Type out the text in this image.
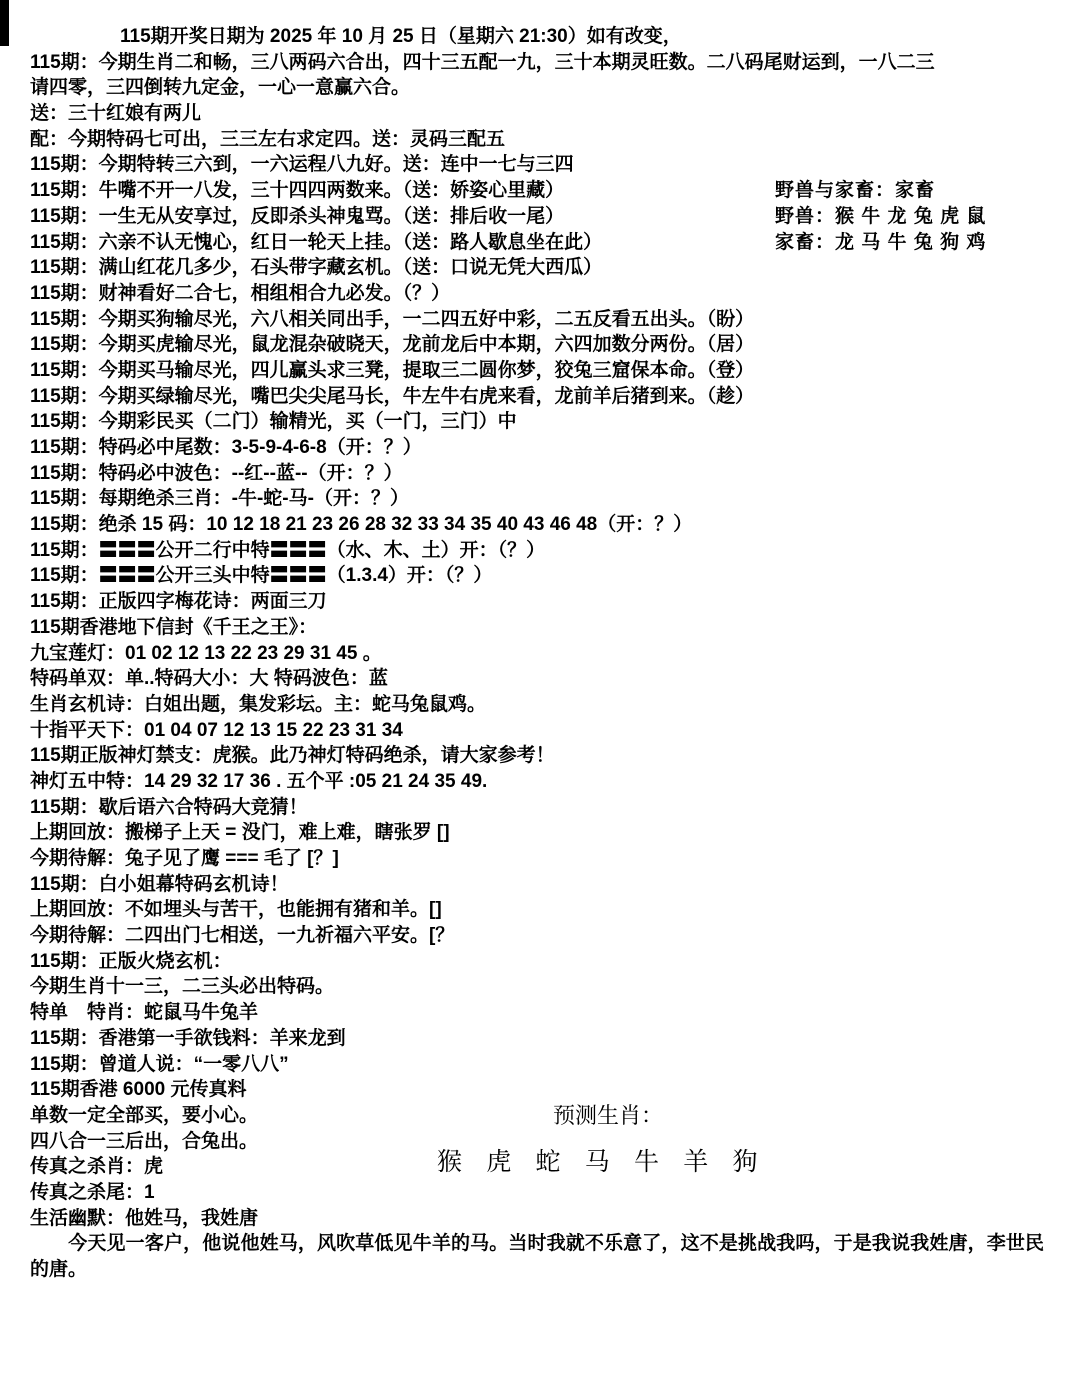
115期开奖日期为 2025 年 10 月 25 日（星期六 21:30）如有改变，
115期：今期生肖二和畅，三八两码六合出，四十三五配一九，三十本期灵旺数。二八码尾财运到，一八二三
请四零，三四倒转九定金，一心一意赢六合。
送：三十红娘有两儿
配：今期特码七可出，三三左右求定四。送：灵码三配五
115期：今期特转三六到，一六运程八九好。送：连中一七与三四
115期：牛嘴不开一八发，三十四四两数来。（送：娇姿心里藏）	野兽与家畜：家畜
115期：一生无从安享过，反即杀头神鬼骂。（送：排后收一尾）	野兽：猴 牛 龙 兔 虎 鼠
115期：六亲不认无愧心，红日一轮天上挂。（送：路人歇息坐在此）	家畜：龙 马 牛 兔 狗 鸡
115期：满山红花几多少，石头带字藏玄机。（送：口说无凭大西瓜）
115期：财神看好二合七，相组相合九必发。（？）
115期：今期买狗输尽光，六八相关同出手，一二四五好中彩，二五反看五出头。（盼）
115期：今期买虎输尽光，鼠龙混杂破晓天，龙前龙后中本期，六四加数分两份。（居）
115期：今期买马输尽光，四儿赢头求三凳，提取三二圆你梦，狡兔三窟保本命。（登）
115期：今期买绿输尽光，嘴巴尖尖尾马长，牛左牛右虎来看，龙前羊后猪到来。（趁）
115期：今期彩民买（二门）输精光，买（一门，三门）中
115期：特码必中尾数：3-5-9-4-6-8（开：？）
115期：特码必中波色：--红--蓝--（开：？）
115期：每期绝杀三肖：-牛-蛇-马-（开：？）
115期：绝杀 15 码：10 12 18 21 23 26 28 32 33 34 35 40 43 46 48（开：？）
115期：〓〓〓公开二行中特〓〓〓（水、木、土）开：（？）
115期：〓〓〓公开三头中特〓〓〓（1.3.4）开：（？）
115期：正版四字梅花诗：两面三刀
115期香港地下信封《千王之王》：
九宝莲灯：01 02 12 13 22 23 29 31 45 。
特码单双：单..特码大小：大 特码波色：蓝
生肖玄机诗：白姐出题，集发彩坛。主：蛇马兔鼠鸡。
十指平天下：01 04 07 12 13 15 22 23 31 34
115期正版神灯禁支：虎猴。此乃神灯特码绝杀，请大家参考！
神灯五中特：14 29 32 17 36 . 五个平 :05 21 24 35 49.
115期：歇后语六合特码大竞猜！
上期回放：搬梯子上天 = 没门，难上难，瞎张罗 []
今期待解：兔子见了鹰 === 毛了 [？]
115期：白小姐幕特码玄机诗！
上期回放：不如埋头与苦干，也能拥有猪和羊。[]
今期待解：二四出门七相送，一九祈福六平安。[？
115期：正版火烧玄机：
今期生肖十一三，二三头必出特码。
特单　特肖：蛇鼠马牛兔羊
115期：香港第一手欲钱料：羊来龙到
115期：曾道人说：“一零八八”
115期香港 6000 元传真料
单数一定全部买，要小心。	预测生肖：
四八合一三后出，合兔出。
传真之杀肖：虎	猴 虎 蛇 马 牛 羊 狗
传真之杀尾：1
生活幽默：他姓马，我姓唐
　　今天见一客户，他说他姓马，风吹草低见牛羊的马。当时我就不乐意了，这不是挑战我吗，于是我说我姓唐，李世民的唐。
